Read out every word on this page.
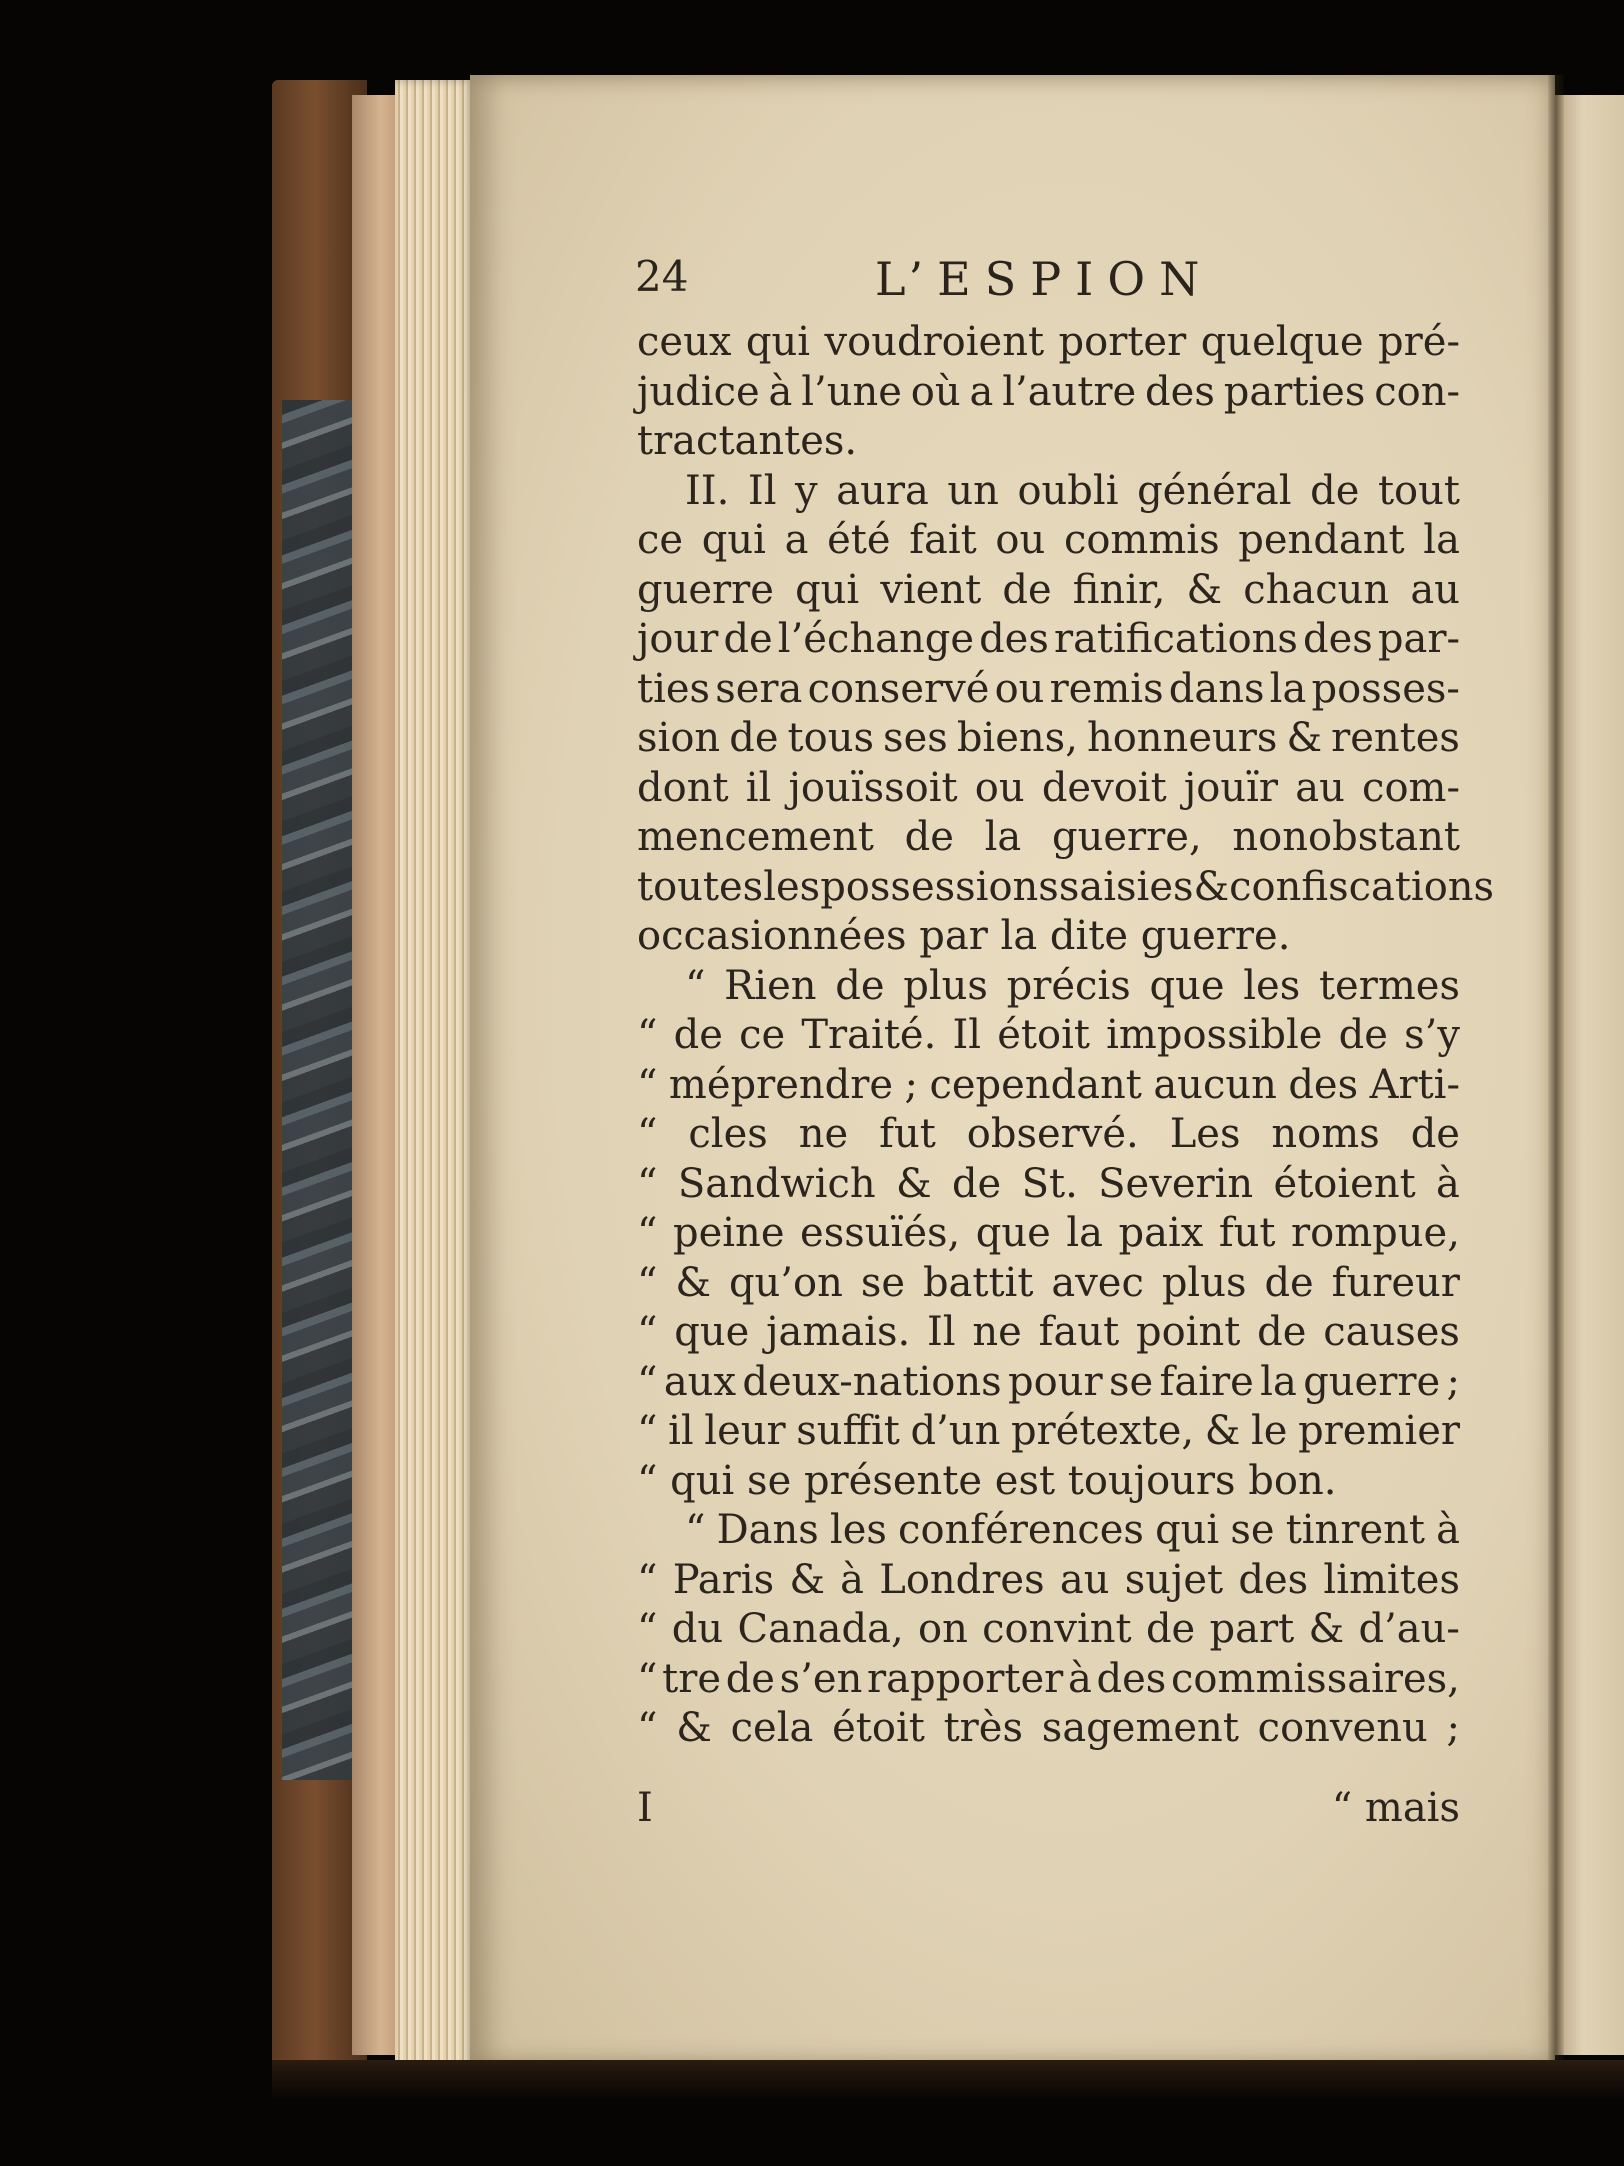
24	L’ESPION
ceux qui voudroient porter quelque pré-
judice à l’une où a l’autre des parties con-
tractantes.
II. Il y aura un oubli général de tout
ce qui a été fait ou commis pendant la
guerre qui vient de finir, & chacun au
jour de l’échange des ratifications des par-
ties sera conservé ou remis dans la posses-
sion de tous ses biens, honneurs & rentes
dont il jouïssoit ou devoit jouïr au com-
mencement de la guerre, nonobstant
toutes les possessions saisies & confiscations
occasionnées par la dite guerre.
“ Rien de plus précis que les termes
“ de ce Traité. Il étoit impossible de s’y
“ méprendre ; cependant aucun des Arti-
“ cles ne fut observé. Les noms de
“ Sandwich & de St. Severin étoient à
“ peine essuïés, que la paix fut rompue,
“ & qu’on se battit avec plus de fureur
“ que jamais. Il ne faut point de causes
“ aux deux-nations pour se faire la guerre ;
“ il leur suffit d’un prétexte, & le premier
“ qui se présente est toujours bon.
“ Dans les conférences qui se tinrent à
“ Paris & à Londres au sujet des limites
“ du Canada, on convint de part & d’au-
“ tre de s’en rapporter à des commissaires,
“ & cela étoit très sagement convenu ;
I	“ mais
